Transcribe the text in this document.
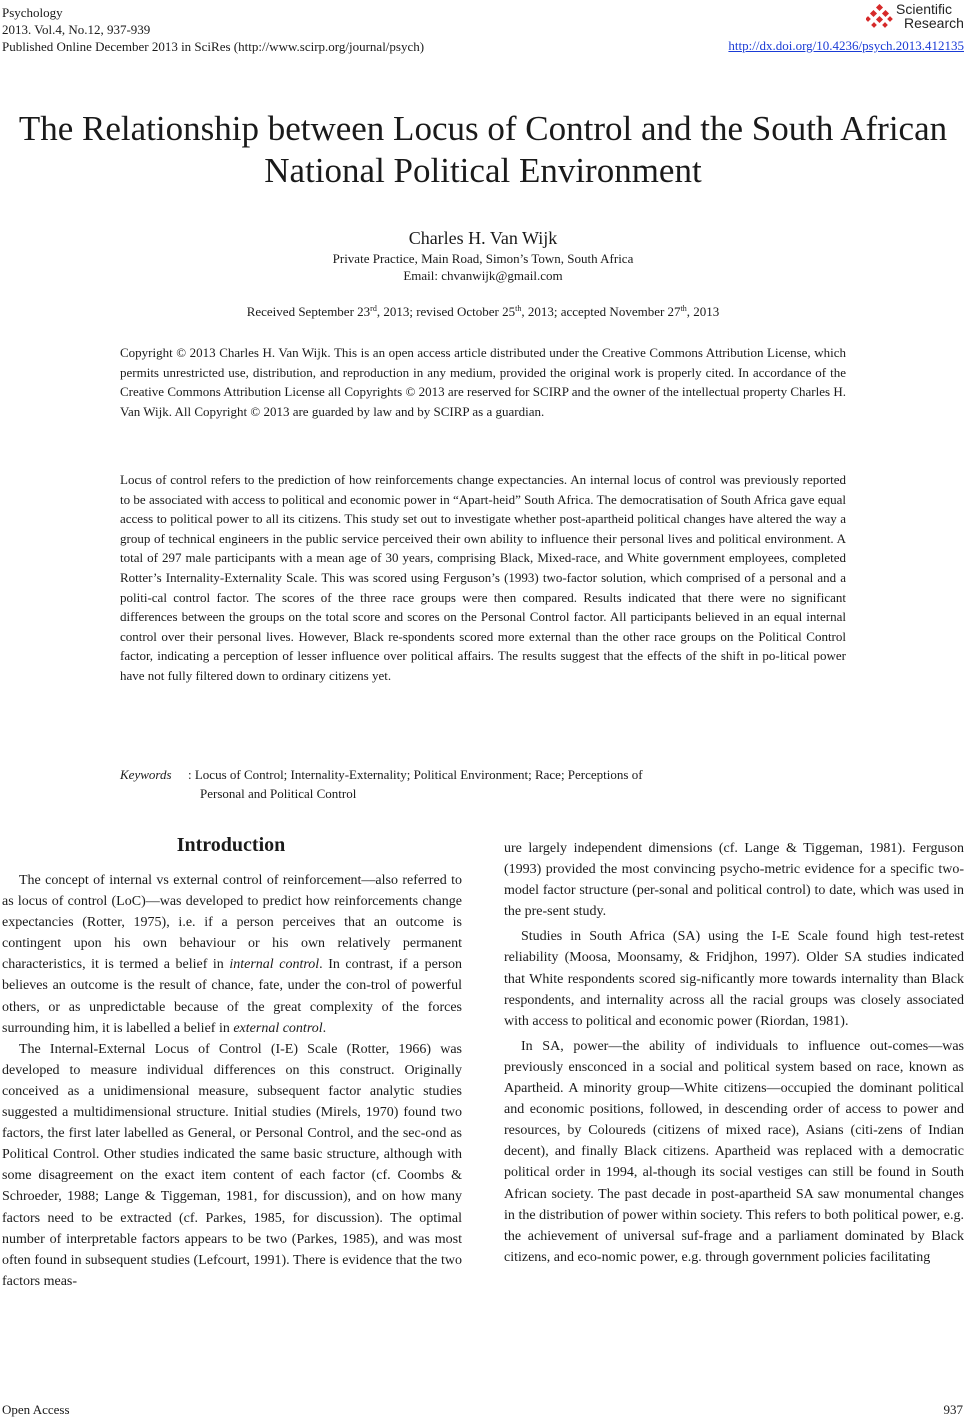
Psychology
2013. Vol.4, No.12, 937-939
Published Online December 2013 in SciRes (http://www.scirp.org/journal/psych)
Scientific
Research
http://dx.doi.org/10.4236/psych.2013.412135
The Relationship between Locus of Control and the South African
National Political Environment
Charles H. Van Wijk
Private Practice, Main Road, Simon’s Town, South Africa
Email: chvanwijk@gmail.com
Received September 23rd, 2013; revised October 25th, 2013; accepted November 27th, 2013
Copyright © 2013 Charles H. Van Wijk. This is an open access article distributed under the Creative Commons Attribution License, which permits unrestricted use, distribution, and reproduction in any medium, provided the original work is properly cited. In accordance of the Creative Commons Attribution License all Copyrights © 2013 are reserved for SCIRP and the owner of the intellectual property Charles H. Van Wijk. All Copyright © 2013 are guarded by law and by SCIRP as a guardian.
Locus of control refers to the prediction of how reinforcements change expectancies. An internal locus of control was previously reported to be associated with access to political and economic power in “Apart-heid” South Africa. The democratisation of South Africa gave equal access to political power to all its citizens. This study set out to investigate whether post-apartheid political changes have altered the way a group of technical engineers in the public service perceived their own ability to influence their personal lives and political environment. A total of 297 male participants with a mean age of 30 years, comprising Black, Mixed-race, and White government employees, completed Rotter’s Internality-Externality Scale. This was scored using Ferguson’s (1993) two-factor solution, which comprised of a personal and a politi-cal control factor. The scores of the three race groups were then compared. Results indicated that there were no significant differences between the groups on the total score and scores on the Personal Control factor. All participants believed in an equal internal control over their personal lives. However, Black re-spondents scored more external than the other race groups on the Political Control factor, indicating a perception of lesser influence over political affairs. The results suggest that the effects of the shift in po-litical power have not fully filtered down to ordinary citizens yet.
Keywords : Locus of Control; Internality-Externality; Political Environment; Race; Perceptions of
Personal and Political Control
Introduction

The concept of internal vs external control of reinforcement—also referred to as locus of control (LoC)—was developed to predict how reinforcements change expectancies (Rotter, 1975), i.e. if a person perceives that an outcome is contingent upon his own behaviour or his own relatively permanent characteristics, it is termed a belief in internal control. In contrast, if a person believes an outcome is the result of chance, fate, under the con-trol of powerful others, or as unpredictable because of the great complexity of the forces surrounding him, it is labelled a belief in external control.

The Internal-External Locus of Control (I-E) Scale (Rotter, 1966) was developed to measure individual differences on this construct. Originally conceived as a unidimensional measure, subsequent factor analytic studies suggested a multidimensional structure. Initial studies (Mirels, 1970) found two factors, the first later labelled as General, or Personal Control, and the sec-ond as Political Control. Other studies indicated the same basic structure, although with some disagreement on the exact item content of each factor (cf. Coombs & Schroeder, 1988; Lange & Tiggeman, 1981, for discussion), and on how many factors need to be extracted (cf. Parkes, 1985, for discussion). The optimal number of interpretable factors appears to be two (Parkes, 1985), and was most often found in subsequent studies (Lefcourt, 1991). There is evidence that the two factors meas-

ure largely independent dimensions (cf. Lange & Tiggeman, 1981). Ferguson (1993) provided the most convincing psycho-metric evidence for a specific two-model factor structure (per-sonal and political control) to date, which was used in the pre-sent study.

Studies in South Africa (SA) using the I-E Scale found high test-retest reliability (Moosa, Moonsamy, & Fridjhon, 1997). Older SA studies indicated that White respondents scored sig-nificantly more towards internality than Black respondents, and internality across all the racial groups was closely associated with access to political and economic power (Riordan, 1981).

In SA, power—the ability of individuals to influence out-comes—was previously ensconced in a social and political system based on race, known as Apartheid. A minority group—White citizens—occupied the dominant political and economic positions, followed, in descending order of access to power and resources, by Coloureds (citizens of mixed race), Asians (citi-zens of Indian decent), and finally Black citizens. Apartheid was replaced with a democratic political order in 1994, al-though its social vestiges can still be found in South African society. The past decade in post-apartheid SA saw monumental changes in the distribution of power within society. This refers to both political power, e.g. the achievement of universal suf-frage and a parliament dominated by Black citizens, and eco-nomic power, e.g. through government policies facilitating

Open Access	937
